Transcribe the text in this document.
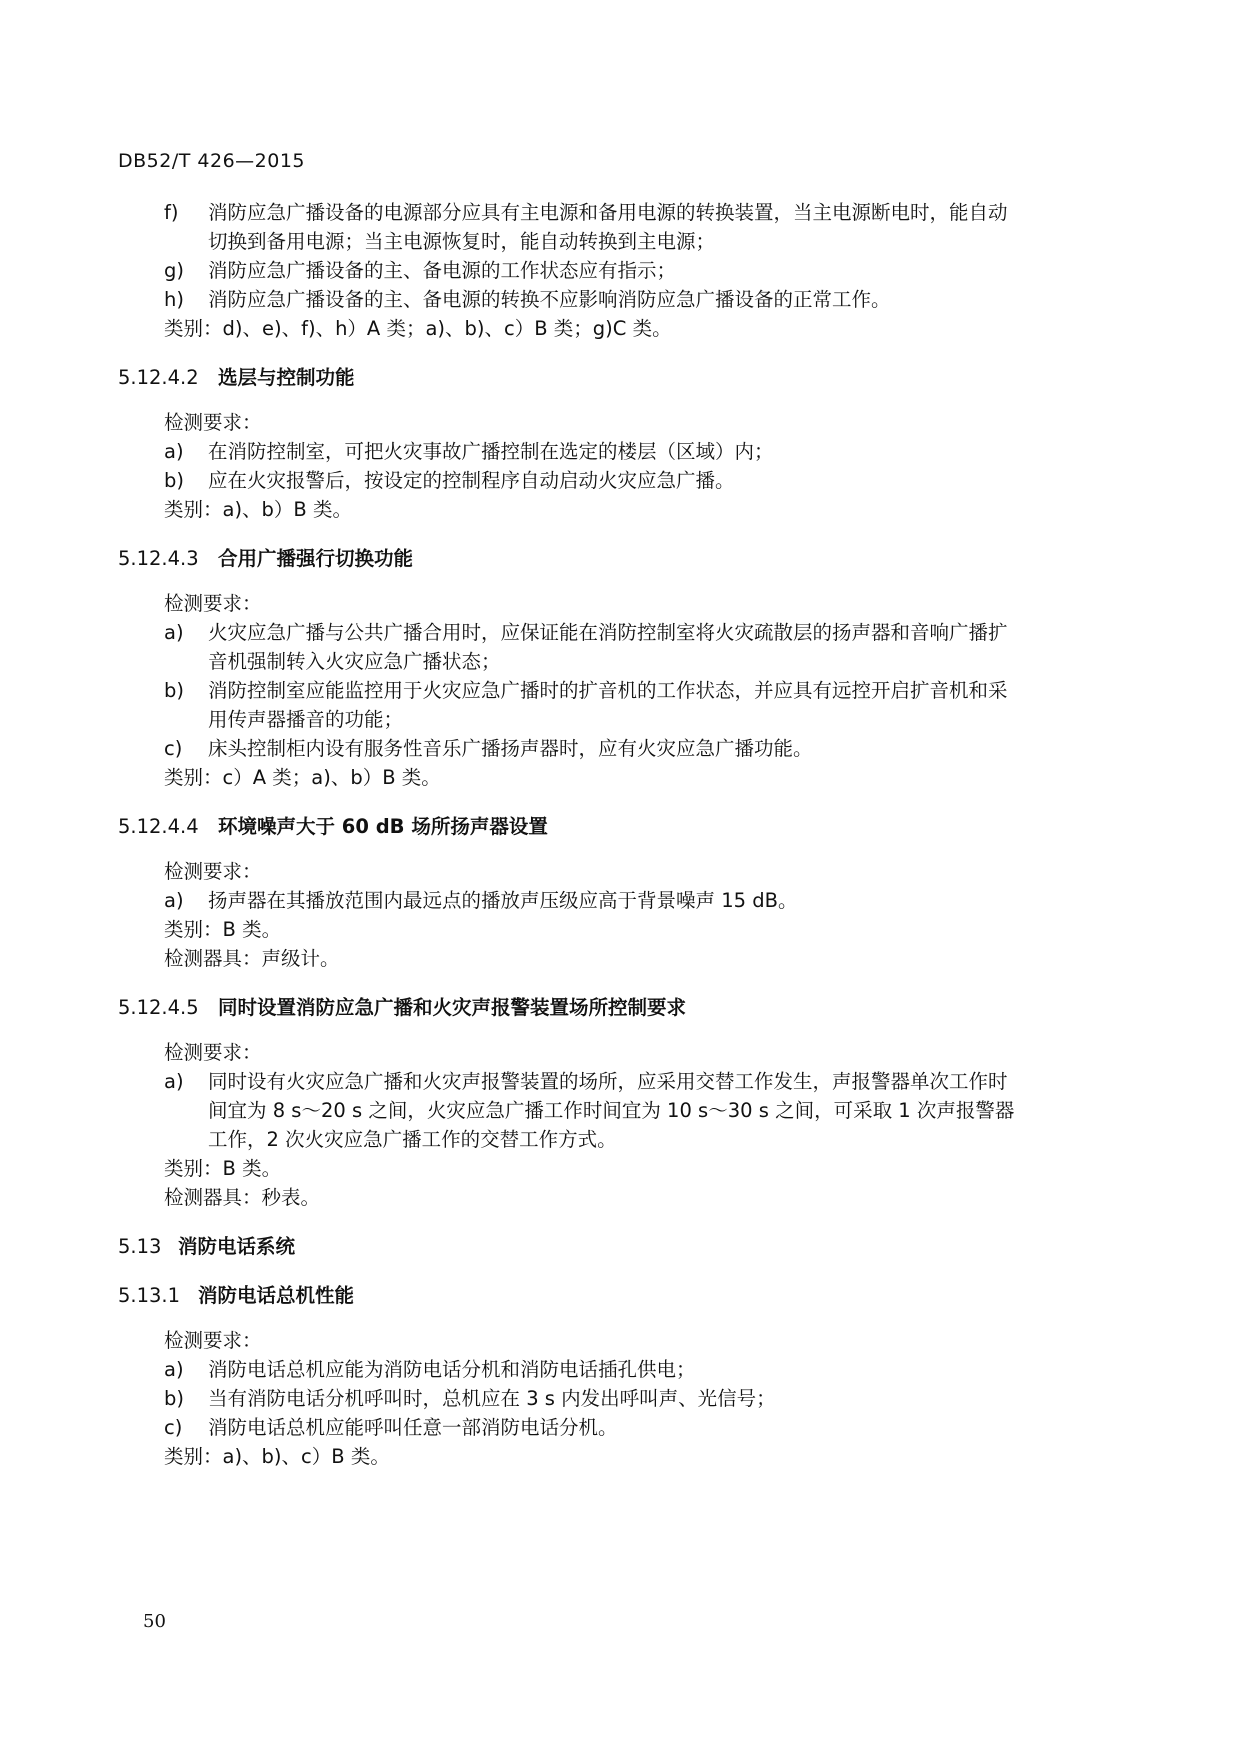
DB52/T 426—2015
f) 消防应急广播设备的电源部分应具有主电源和备用电源的转换装置，当主电源断电时，能自动
切换到备用电源；当主电源恢复时，能自动转换到主电源；
g) 消防应急广播设备的主、备电源的工作状态应有指示；
h) 消防应急广播设备的主、备电源的转换不应影响消防应急广播设备的正常工作。
类别：d)、e)、f)、h）A 类；a)、b)、c）B 类；g)C 类。
5.12.4.2 选层与控制功能
检测要求：
a) 在消防控制室，可把火灾事故广播控制在选定的楼层（区域）内；
b) 应在火灾报警后，按设定的控制程序自动启动火灾应急广播。
类别：a)、b）B 类。
5.12.4.3 合用广播强行切换功能
检测要求：
a) 火灾应急广播与公共广播合用时，应保证能在消防控制室将火灾疏散层的扬声器和音响广播扩
音机强制转入火灾应急广播状态；
b) 消防控制室应能监控用于火灾应急广播时的扩音机的工作状态，并应具有远控开启扩音机和采
用传声器播音的功能；
c) 床头控制柜内设有服务性音乐广播扬声器时，应有火灾应急广播功能。
类别：c）A 类；a)、b）B 类。
5.12.4.4 环境噪声大于 60 dB 场所扬声器设置
检测要求：
a) 扬声器在其播放范围内最远点的播放声压级应高于背景噪声 15 dB。
类别：B 类。
检测器具：声级计。
5.12.4.5 同时设置消防应急广播和火灾声报警装置场所控制要求
检测要求：
a) 同时设有火灾应急广播和火灾声报警装置的场所，应采用交替工作发生，声报警器单次工作时
间宜为 8 s～20 s 之间，火灾应急广播工作时间宜为 10 s～30 s 之间，可采取 1 次声报警器
工作，2 次火灾应急广播工作的交替工作方式。
类别：B 类。
检测器具：秒表。
5.13 消防电话系统
5.13.1 消防电话总机性能
检测要求：
a) 消防电话总机应能为消防电话分机和消防电话插孔供电；
b) 当有消防电话分机呼叫时，总机应在 3 s 内发出呼叫声、光信号；
c) 消防电话总机应能呼叫任意一部消防电话分机。
类别：a)、b)、c）B 类。
50
